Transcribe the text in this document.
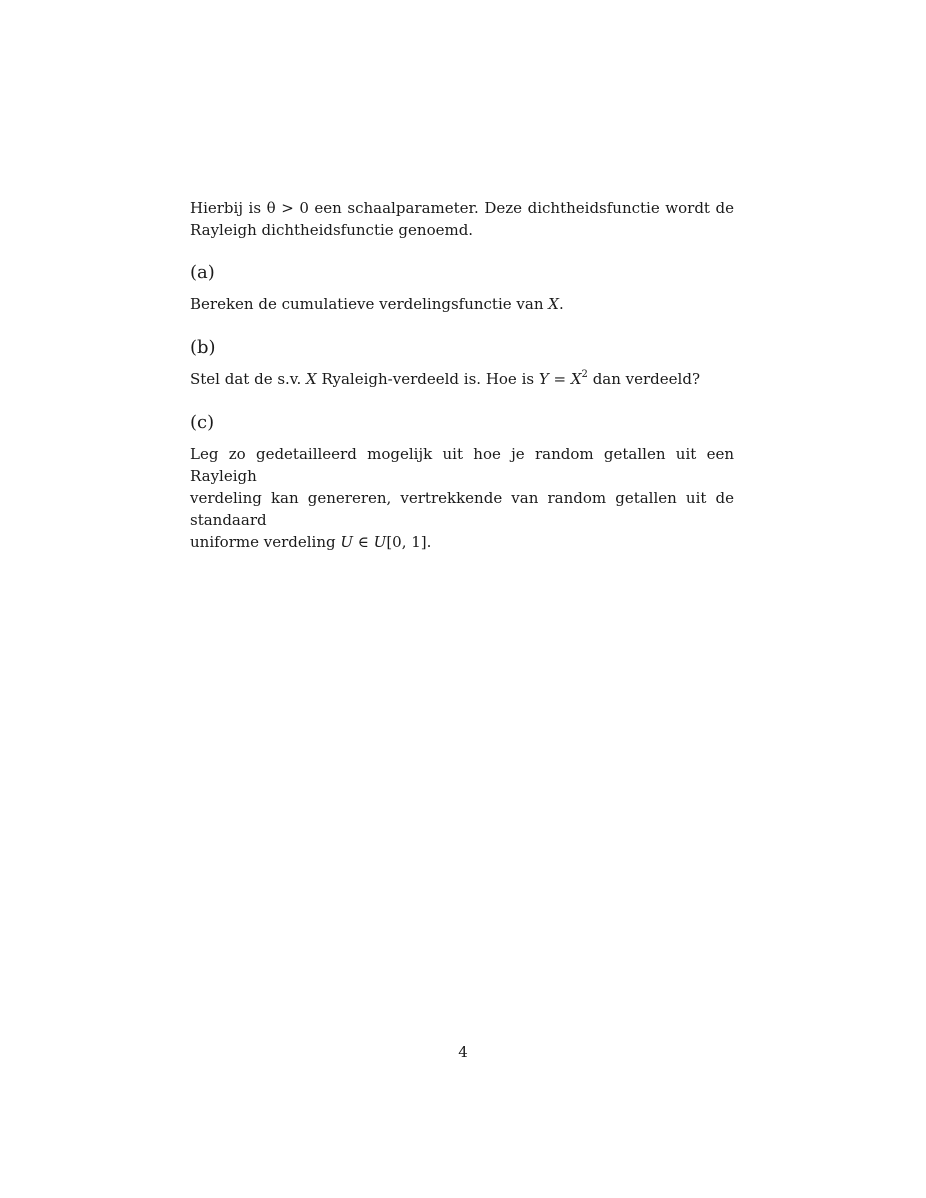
Hierbij is θ > 0 een schaalparameter. Deze dichtheidsfunctie wordt de
Rayleigh dichtheidsfunctie genoemd.
(a)
Bereken de cumulatieve verdelingsfunctie van X.
(b)
Stel dat de s.v. X Ryaleigh-verdeeld is. Hoe is $Y = X^2$ dan verdeeld?
(c)
Leg zo gedetailleerd mogelijk uit hoe je random getallen uit een Rayleigh
verdeling kan genereren, vertrekkende van random getallen uit de standaard
uniforme verdeling U ∈ U[0, 1].
4
